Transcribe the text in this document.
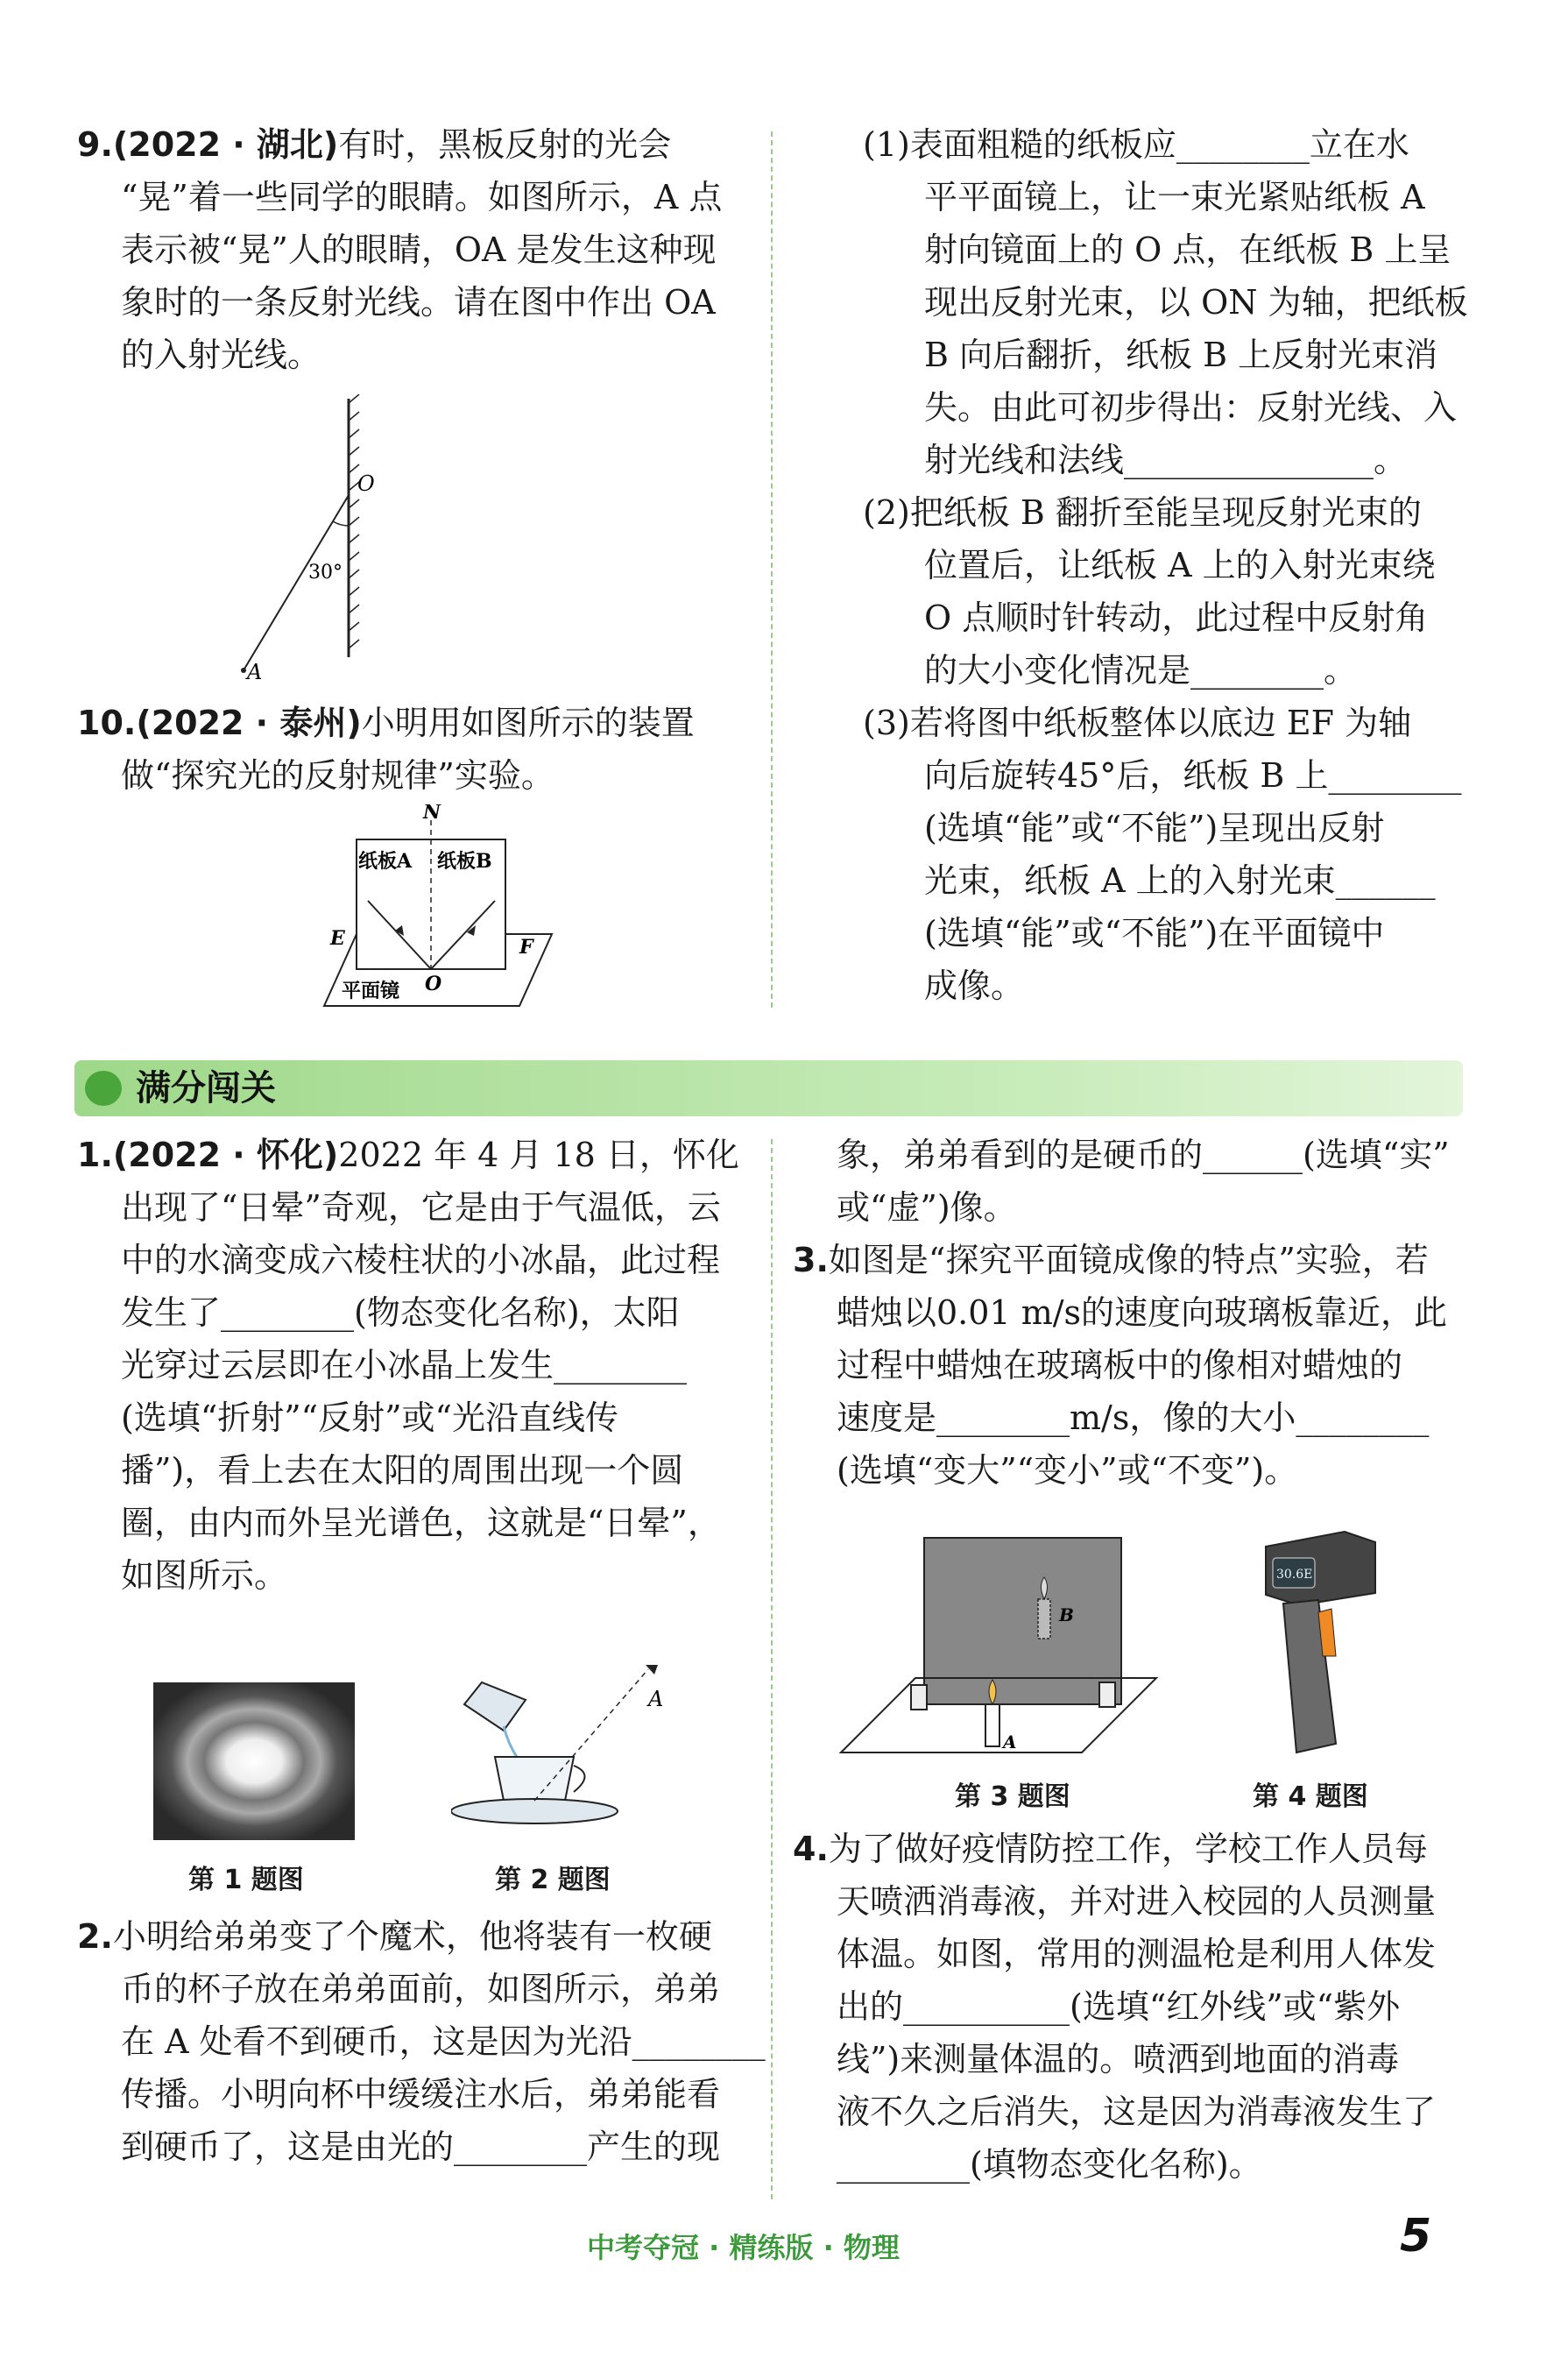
9.(2022 · 湖北)有时，黑板反射的光会
“晃”着一些同学的眼睛。如图所示，A 点
表示被“晃”人的眼睛，OA 是发生这种现
象时的一条反射光线。请在图中作出 OA
的入射光线。
O
30°
A
10.(2022 · 泰州)小明用如图所示的装置
做“探究光的反射规律”实验。
N
纸板A 纸板B
E
O
F
平面镜
(1)表面粗糙的纸板应________立在水
平平面镜上，让一束光紧贴纸板 A
射向镜面上的 O 点，在纸板 B 上呈
现出反射光束，以 ON 为轴，把纸板
B 向后翻折，纸板 B 上反射光束消
失。由此可初步得出：反射光线、入
射光线和法线_______________。
(2)把纸板 B 翻折至能呈现反射光束的
位置后，让纸板 A 上的入射光束绕
O 点顺时针转动，此过程中反射角
的大小变化情况是________。
(3)若将图中纸板整体以底边 EF 为轴
向后旋转45°后，纸板 B 上________
(选填“能”或“不能”)呈现出反射
光束，纸板 A 上的入射光束______
(选填“能”或“不能”)在平面镜中
成像。
满分闯关
1.(2022 · 怀化)2022 年 4 月 18 日，怀化
出现了“日晕”奇观，它是由于气温低，云
中的水滴变成六棱柱状的小冰晶，此过程
发生了________(物态变化名称)，太阳
光穿过云层即在小冰晶上发生________
(选填“折射”“反射”或“光沿直线传
播”)，看上去在太阳的周围出现一个圆
圈，由内而外呈光谱色，这就是“日晕”，
如图所示。
A
第 1 题图	第 2 题图
2.小明给弟弟变了个魔术，他将装有一枚硬
币的杯子放在弟弟面前，如图所示，弟弟
在 A 处看不到硬币，这是因为光沿________
传播。小明向杯中缓缓注水后，弟弟能看
到硬币了，这是由光的________产生的现
象，弟弟看到的是硬币的______(选填“实”
或“虚”)像。
3.如图是“探究平面镜成像的特点”实验，若
蜡烛以0.01 m/s的速度向玻璃板靠近，此
过程中蜡烛在玻璃板中的像相对蜡烛的
速度是________m/s，像的大小________
(选填“变大”“变小”或“不变”)。
B
A
30.6E
第 3 题图	第 4 题图
4.为了做好疫情防控工作，学校工作人员每
天喷洒消毒液，并对进入校园的人员测量
体温。如图，常用的测温枪是利用人体发
出的__________(选填“红外线”或“紫外
线”)来测量体温的。喷洒到地面的消毒
液不久之后消失，这是因为消毒液发生了
________(填物态变化名称)。
中考夺冠 · 精练版 · 物理	5
